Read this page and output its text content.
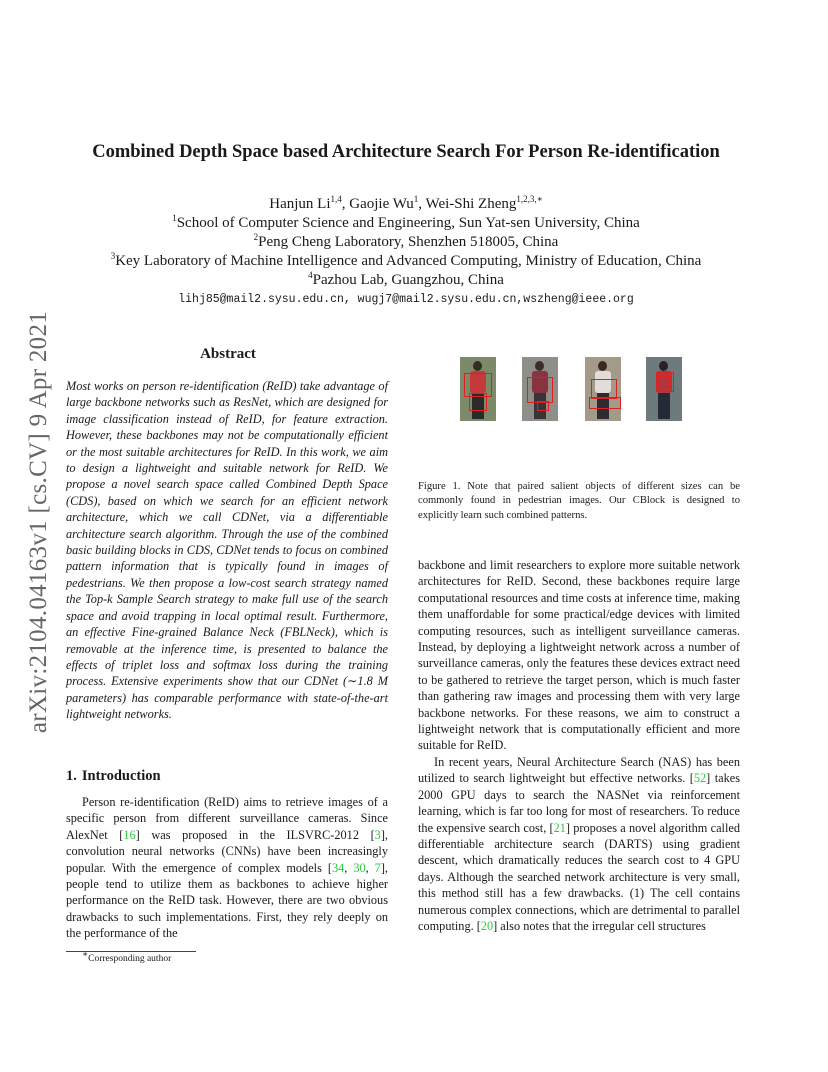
arXiv:2104.04163v1 [cs.CV] 9 Apr 2021
Combined Depth Space based Architecture Search For Person Re-identification
Hanjun Li$^{1,4}$, Gaojie Wu$^1$, Wei-Shi Zheng$^{1,2,3,∗}$
$^1$School of Computer Science and Engineering, Sun Yat-sen University, China
$^2$Peng Cheng Laboratory, Shenzhen 518005, China
$^3$Key Laboratory of Machine Intelligence and Advanced Computing, Ministry of Education, China
$^4$Pazhou Lab, Guangzhou, China
lihj85@mail2.sysu.edu.cn, wugj7@mail2.sysu.edu.cn,wszheng@ieee.org
Abstract
Most works on person re-identification (ReID) take advantage of large backbone networks such as ResNet, which are designed for image classification instead of ReID, for feature extraction. However, these backbones may not be computationally efficient or the most suitable architectures for ReID. In this work, we aim to design a lightweight and suitable network for ReID. We propose a novel search space called Combined Depth Space (CDS), based on which we search for an efficient network architecture, which we call CDNet, via a differentiable architecture search algorithm. Through the use of the combined basic building blocks in CDS, CDNet tends to focus on combined pattern information that is typically found in images of pedestrians. We then propose a low-cost search strategy named the Top-k Sample Search strategy to make full use of the search space and avoid trapping in local optimal result. Furthermore, an effective Fine-grained Balance Neck (FBLNeck), which is removable at the inference time, is presented to balance the effects of triplet loss and softmax loss during the training process. Extensive experiments show that our CDNet (∼1.8 M parameters) has comparable performance with state-of-the-art lightweight networks.
1. Introduction
Person re-identification (ReID) aims to retrieve images of a specific person from different surveillance cameras. Since AlexNet [16] was proposed in the ILSVRC-2012 [3], convolution neural networks (CNNs) have been increasingly popular. With the emergence of complex models [34, 30, 7], people tend to utilize them as backbones to achieve higher performance on the ReID task. However, there are two obvious drawbacks to such implementations. First, they rely deeply on the performance of the
∗Corresponding author
Figure 1. Note that paired salient objects of different sizes can be commonly found in pedestrian images. Our CBlock is designed to explicitly learn such combined patterns.

backbone and limit researchers to explore more suitable network architectures for ReID. Second, these backbones require large computational resources and time costs at inference time, making them unaffordable for some practical/edge devices with limited computing resources, such as intelligent surveillance cameras. Instead, by deploying a lightweight network across a number of surveillance cameras, only the features these devices extract need to be gathered to retrieve the target person, which is much faster than gathering raw images and processing them with very large backbone networks. For these reasons, we aim to construct a lightweight network that is computationally efficient and more suitable for ReID.

In recent years, Neural Architecture Search (NAS) has been utilized to search lightweight but effective networks. [52] takes 2000 GPU days to search the NASNet via reinforcement learning, which is far too long for most of researchers. To reduce the expensive search cost, [21] proposes a novel algorithm called differentiable architecture search (DARTS) using gradient descent, which dramatically reduces the search cost to 4 GPU days. Although the searched network architecture is very small, this method still has a few drawbacks. (1) The cell contains numerous complex connections, which are detrimental to parallel computing. [20] also notes that the irregular cell structures
